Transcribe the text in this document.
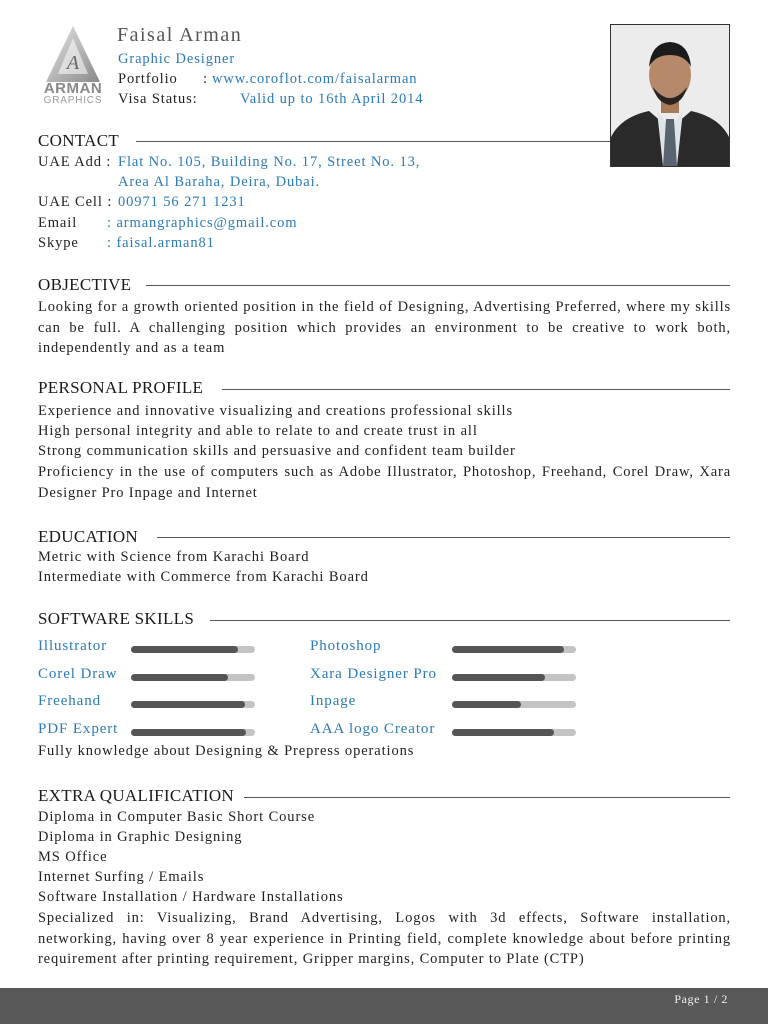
A
ARMAN
GRAPHICS
Faisal Arman
Graphic Designer
Portfolio : www.coroflot.com/faisalarman
Visa Status:	Valid up to 16th April 2014
CONTACT
UAE Add : Flat No. 105, Building No. 17, Street No. 13,
Area Al Baraha, Deira, Dubai.
UAE Cell : 00971 56 271 1231
Email : armangraphics@gmail.com
Skype : faisal.arman81
OBJECTIVE
Looking for a growth oriented position in the field of Designing, Advertising Preferred, where my skills can be full. A challenging position which provides an environment to be creative to work both, independently and as a team
PERSONAL PROFILE
Experience and innovative visualizing and creations professional skills
High personal integrity and able to relate to and create trust in all
Strong communication skills and persuasive and confident team builder
Proficiency in the use of computers such as Adobe Illustrator, Photoshop, Freehand, Corel Draw, Xara Designer Pro Inpage and Internet
EDUCATION
Metric with Science from Karachi Board
Intermediate with Commerce from Karachi Board
SOFTWARE SKILLS
Illustrator	Photoshop
Corel Draw	Xara Designer Pro
Freehand	Inpage
PDF Expert	AAA logo Creator
Fully knowledge about Designing & Prepress operations
EXTRA QUALIFICATION
Diploma in Computer Basic Short Course
Diploma in Graphic Designing
MS Office
Internet Surfing / Emails
Software Installation / Hardware Installations
Specialized in: Visualizing, Brand Advertising, Logos with 3d effects, Software installation, networking, having over 8 year experience in Printing field, complete knowledge about before printing requirement after printing requirement, Gripper margins, Computer to Plate (CTP)
Page 1 / 2
